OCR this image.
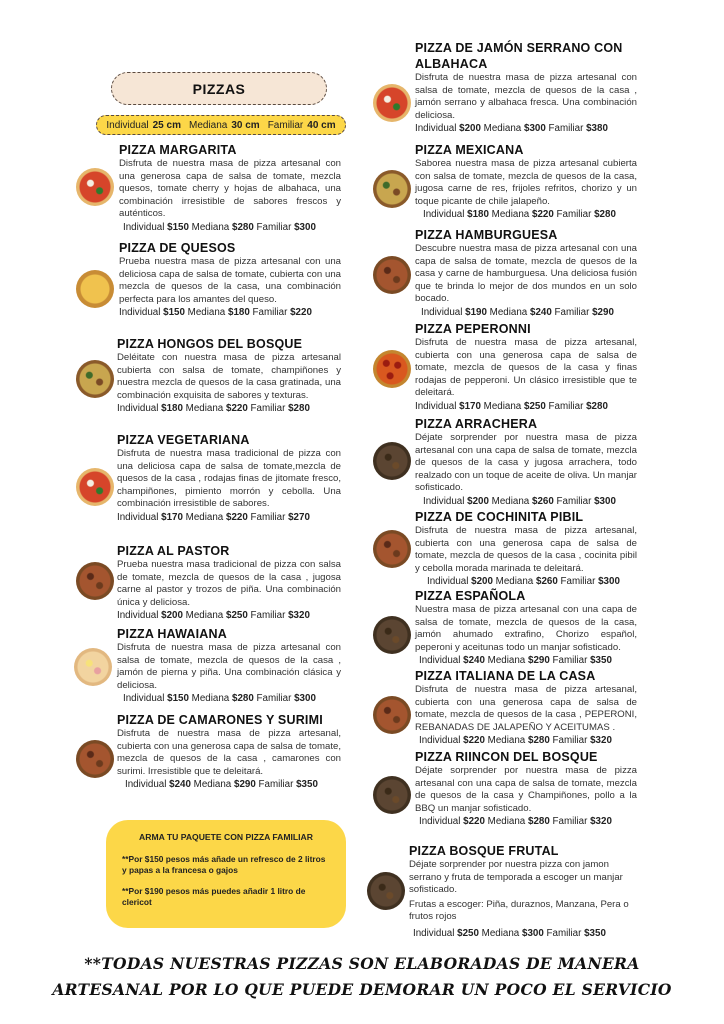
PIZZAS
Individual 25 cm Mediana 30 cm Familiar 40 cm
PIZZA MARGARITA
Disfruta de nuestra masa de pizza artesanal con una generosa capa de salsa de tomate, mezcla quesos, tomate cherry y hojas de albahaca, una combinación irresistible de sabores frescos y auténticos.
Individual $150 Mediana $280 Familiar $300
PIZZA DE QUESOS
Prueba nuestra masa de pizza artesanal con una deliciosa capa de salsa de tomate, cubierta con una mezcla de quesos de la casa, una combinación perfecta para los amantes del queso.
Individual $150 Mediana $180 Familiar $220
PIZZA HONGOS DEL BOSQUE
Deléitate con nuestra masa de pizza artesanal cubierta con salsa de tomate, champiñones y nuestra mezcla de quesos de la casa gratinada, una combinación exquisita de sabores y texturas.
Individual $180 Mediana $220 Familiar $280
PIZZA VEGETARIANA
Disfruta de nuestra masa tradicional de pizza con una deliciosa capa de salsa de tomate,mezcla de quesos de la casa , rodajas finas de jitomate fresco, champiñones, pimiento morrón y cebolla. Una combinación irresistible de sabores.
Individual $170 Mediana $220 Familiar $270
PIZZA AL PASTOR
Prueba nuestra masa tradicional de pizza con salsa de tomate, mezcla de quesos de la casa , jugosa carne al pastor y trozos de piña. Una combinación única y deliciosa.
Individual $200 Mediana $250 Familiar $320
PIZZA HAWAIANA
Disfruta de nuestra masa de pizza artesanal con salsa de tomate, mezcla de quesos de la casa , jamón de pierna y piña. Una combinación clásica y deliciosa.
Individual $150 Mediana $280 Familiar $300
PIZZA DE CAMARONES Y SURIMI
Disfruta de nuestra masa de pizza artesanal, cubierta con una generosa capa de salsa de tomate, mezcla de quesos de la casa , camarones con surimi. Irresistible que te deleitará.
Individual $240 Mediana $290 Familiar $350
ARMA TU PAQUETE CON PIZZA FAMILIAR
**Por $150 pesos más añade un refresco de 2 litros y papas a la francesa o gajos
**Por $190 pesos más puedes añadir 1 litro de clericot
PIZZA DE JAMÓN SERRANO CON ALBAHACA
Disfruta de nuestra masa de pizza artesanal con salsa de tomate, mezcla de quesos de la casa , jamón serrano y albahaca fresca. Una combinación deliciosa.
Individual $200 Mediana $300 Familiar $380
PIZZA MEXICANA
Saborea nuestra masa de pizza artesanal cubierta con salsa de tomate, mezcla de quesos de la casa, jugosa carne de res, frijoles refritos, chorizo y un toque picante de chile jalapeño.
Individual $180 Mediana $220 Familiar $280
PIZZA HAMBURGUESA
Descubre nuestra masa de pizza artesanal con una capa de salsa de tomate, mezcla de quesos de la casa y carne de hamburguesa. Una deliciosa fusión que te brinda lo mejor de dos mundos en un solo bocado.
Individual $190 Mediana $240 Familiar $290
PIZZA PEPERONNI
Disfruta de nuestra masa de pizza artesanal, cubierta con una generosa capa de salsa de tomate, mezcla de quesos de la casa y finas rodajas de pepperoni. Un clásico irresistible que te deleitará.
Individual $170 Mediana $250 Familiar $280
PIZZA ARRACHERA
Déjate sorprender por nuestra masa de pizza artesanal con una capa de salsa de tomate, mezcla de quesos de la casa y jugosa arrachera, todo realzado con un toque de aceite de oliva. Un manjar sofisticado.
Individual $200 Mediana $260 Familiar $300
PIZZA DE COCHINITA PIBIL
Disfruta de nuestra masa de pizza artesanal, cubierta con una generosa capa de salsa de tomate, mezcla de quesos de la casa , cocinita pibil y cebolla morada marinada te deleitará.
Individual $200 Mediana $260 Familiar $300
PIZZA ESPAÑOLA
Nuestra masa de pizza artesanal con una capa de salsa de tomate, mezcla de quesos de la casa, jamón ahumado extrafino, Chorizo español, peperoni y aceitunas todo un manjar sofisticado.
Individual $240 Mediana $290 Familiar $350
PIZZA ITALIANA DE LA CASA
Disfruta de nuestra masa de pizza artesanal, cubierta con una generosa capa de salsa de tomate, mezcla de quesos de la casa , PEPERONI, REBANADAS DE JALAPEÑO Y ACEITUMAS .
Individual $220 Mediana $280 Familiar $320
PIZZA RIINCON DEL BOSQUE
Déjate sorprender por nuestra masa de pizza artesanal con una capa de salsa de tomate, mezcla de quesos de la casa y Champiñones, pollo a la BBQ un manjar sofisticado.
Individual $220 Mediana $280 Familiar $320
PIZZA BOSQUE FRUTAL
Déjate sorprender por nuestra pizza con jamon serrano y fruta de temporada a escoger un manjar sofisticado.
Frutas a escoger: Piña, duraznos, Manzana, Pera o frutos rojos
Individual $250 Mediana $300 Familiar $350
**TODAS NUESTRAS PIZZAS SON ELABORADAS DE MANERA
ARTESANAL POR LO QUE PUEDE DEMORAR UN POCO EL SERVICIO
